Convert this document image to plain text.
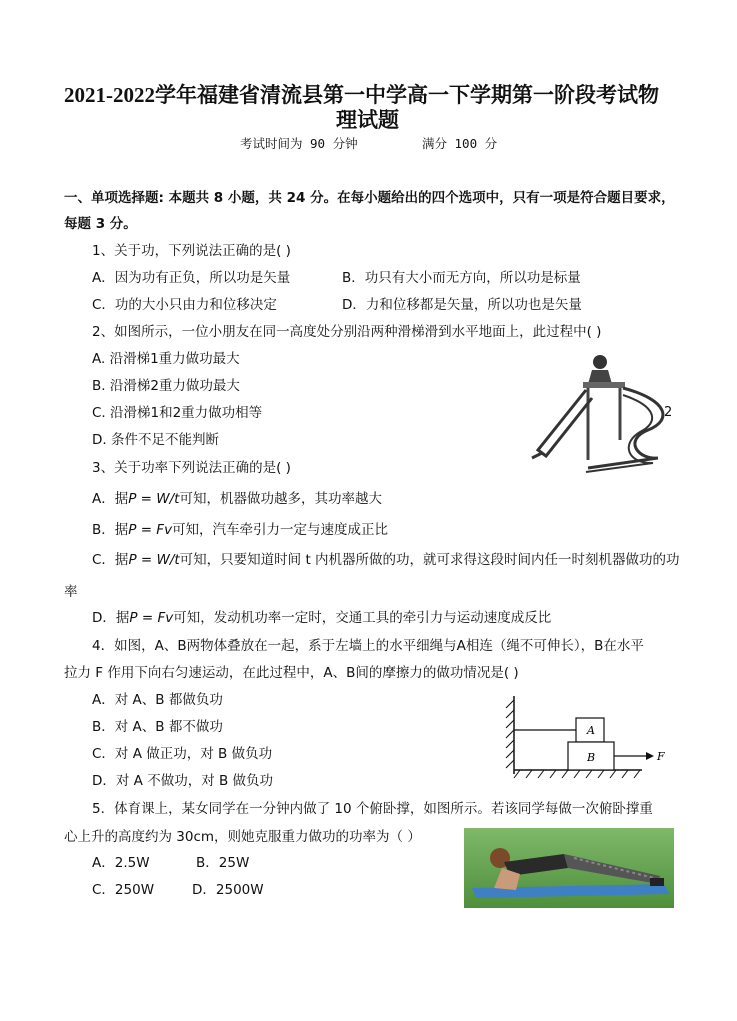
2021-2022学年福建省清流县第一中学高一下学期第一阶段考试物
理试题
考试时间为 90 分钟	满分 100 分
一、单项选择题: 本题共 8 小题，共 24 分。在每小题给出的四个选项中，只有一项是符合题目要求，
每题 3 分。
1、关于功，下列说法正确的是( )
A．因为功有正负，所以功是矢量	B．功只有大小而无方向，所以功是标量
C．功的大小只由力和位移决定	D．力和位移都是矢量，所以功也是矢量
2、如图所示，一位小朋友在同一高度处分别沿两种滑梯滑到水平地面上，此过程中( )
A. 沿滑梯1重力做功最大
B. 沿滑梯2重力做功最大
C. 沿滑梯1和2重力做功相等
D. 条件不足不能判断
2
3、关于功率下列说法正确的是( )
A．据P = W/t可知，机器做功越多，其功率越大
B．据P = Fv可知，汽车牵引力一定与速度成正比
C．据P = W/t可知，只要知道时间 t 内机器所做的功，就可求得这段时间内任一时刻机器做功的功
率
D．据P = Fv可知，发动机功率一定时，交通工具的牵引力与运动速度成反比
4．如图，A、B两物体叠放在一起，系于左墙上的水平细绳与A相连（绳不可伸长），B在水平
拉力 F 作用下向右匀速运动，在此过程中，A、B间的摩擦力的做功情况是( )
A．对 A、B 都做负功
B．对 A、B 都不做功
C．对 A 做正功，对 B 做负功
D．对 A 不做功，对 B 做负功
A
B	F
5．体育课上，某女同学在一分钟内做了 10 个俯卧撑，如图所示。若该同学每做一次俯卧撑重
心上升的高度约为 30cm，则她克服重力做功的功率为（ ）
A．2.5W	B．25W
C．250W	D．2500W
